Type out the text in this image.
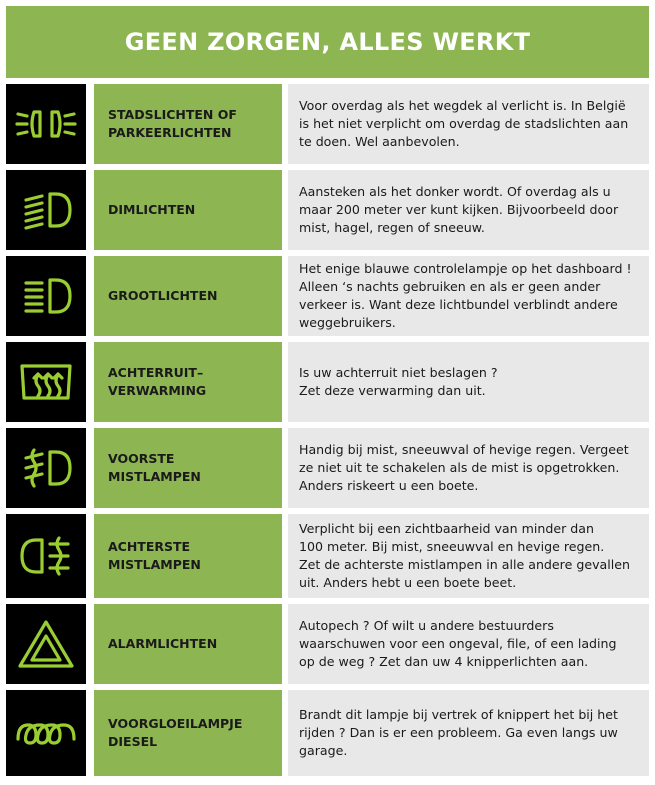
GEEN ZORGEN, ALLES WERKT
STADSLICHTEN OF
PARKEERLICHTEN
Voor overdag als het wegdek al verlicht is. In België
is het niet verplicht om overdag de stadslichten aan
te doen. Wel aanbevolen.
DIMLICHTEN
Aansteken als het donker wordt. Of overdag als u
maar 200 meter ver kunt kijken. Bijvoorbeeld door
mist, hagel, regen of sneeuw.
GROOTLICHTEN
Het enige blauwe controlelampje op het dashboard !
Alleen ‘s nachts gebruiken en als er geen ander
verkeer is. Want deze lichtbundel verblindt andere
weggebruikers.
ACHTERRUIT–
VERWARMING
Is uw achterruit niet beslagen ?
Zet deze verwarming dan uit.
VOORSTE
MISTLAMPEN
Handig bij mist, sneeuwval of hevige regen. Vergeet
ze niet uit te schakelen als de mist is opgetrokken.
Anders riskeert u een boete.
ACHTERSTE
MISTLAMPEN
Verplicht bij een zichtbaarheid van minder dan
100 meter. Bij mist, sneeuwval en hevige regen.
Zet de achterste mistlampen in alle andere gevallen
uit. Anders hebt u een boete beet.
ALARMLICHTEN
Autopech ? Of wilt u andere bestuurders
waarschuwen voor een ongeval, file, of een lading
op de weg ? Zet dan uw 4 knipperlichten aan.
VOORGLOEILAMPJE
DIESEL
Brandt dit lampje bij vertrek of knippert het bij het
rijden ? Dan is er een probleem. Ga even langs uw
garage.
